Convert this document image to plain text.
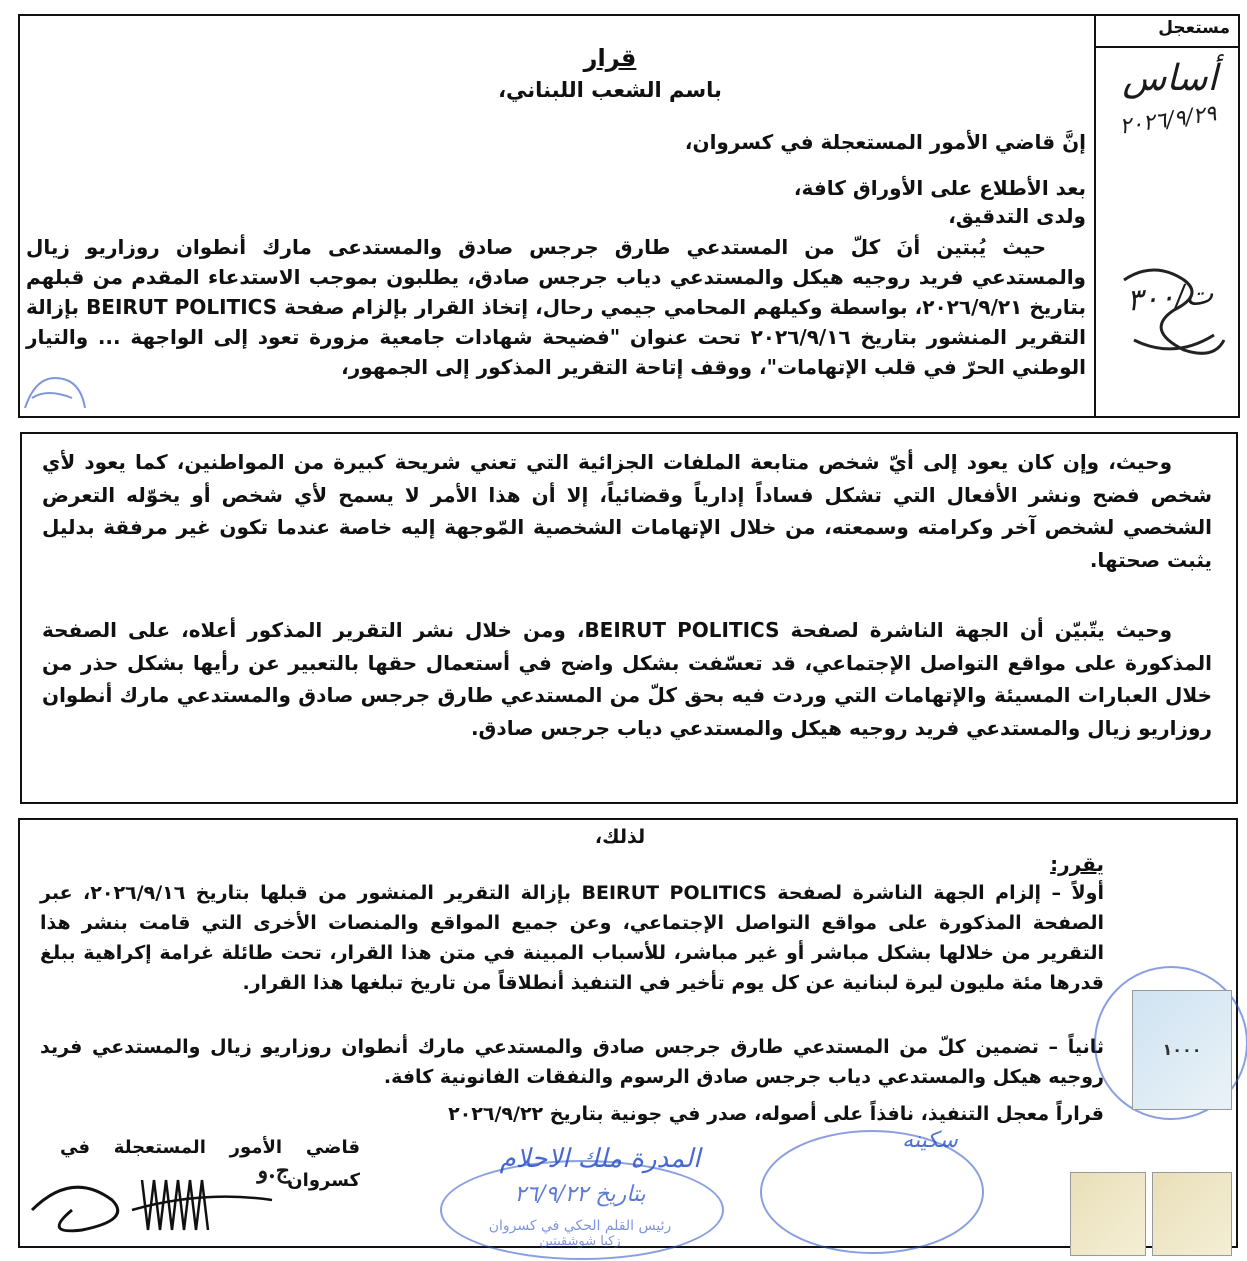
مستعجل
قرار
باسم الشعب اللبناني،
إنَّ قاضي الأمور المستعجلة في كسروان،
بعد الأطلاع على الأوراق كافة،
ولدى التدقيق،
حيث يُبتين أنَ كلّ من المستدعي طارق جرجس صادق والمستدعى مارك أنطوان روزاريو زيال والمستدعي فريد روجيه هيكل والمستدعي دياب جرجس صادق، يطلبون بموجب الاستدعاء المقدم من قبلهم بتاريخ ٢٠٢٦/٩/٢١، بواسطة وكيلهم المحامي جيمي رحال، إتخاذ القرار بإلزام صفحة BEIRUT POLITICS بإزالة التقرير المنشور بتاريخ ٢٠٢٦/٩/١٦ تحت عنوان "فضيحة شهادات جامعية مزورة تعود إلى الواجهة ... والتيار الوطني الحرّ في قلب الإتهامات"، ووقف إتاحة التقرير المذكور إلى الجمهور،
أساس
٢٠٢٦/٩/٢٩
ت/٣٠٠
وحيث، وإن كان يعود إلى أيّ شخص متابعة الملفات الجزائية التي تعني شريحة كبيرة من المواطنين، كما يعود لأي شخص فضح ونشر الأفعال التي تشكل فساداً إدارياً وقضائياً، إلا أن هذا الأمر لا يسمح لأي شخص أو يخوّله التعرض الشخصي لشخص آخر وكرامته وسمعته، من خلال الإتهامات الشخصية المّوجهة إليه خاصة عندما تكون غير مرفقة بدليل يثبت صحتها.
وحيث يتّبيّن أن الجهة الناشرة لصفحة BEIRUT POLITICS، ومن خلال نشر التقرير المذكور أعلاه، على الصفحة المذكورة على مواقع التواصل الإجتماعي، قد تعسّفت بشكل واضح في أستعمال حقها بالتعبير عن رأيها بشكل حذر من خلال العبارات المسيئة والإتهامات التي وردت فيه بحق كلّ من المستدعي طارق جرجس صادق والمستدعي مارك أنطوان روزاريو زيال والمستدعي فريد روجيه هيكل والمستدعي دياب جرجس صادق.
لذلك،
يقرر:
أولاً – إلزام الجهة الناشرة لصفحة BEIRUT POLITICS بإزالة التقرير المنشور من قبلها بتاريخ ٢٠٢٦/٩/١٦، عبر الصفحة المذكورة على مواقع التواصل الإجتماعي، وعن جميع المواقع والمنصات الأخرى التي قامت بنشر هذا التقرير من خلالها بشكل مباشر أو غير مباشر، للأسباب المبينة في متن هذا القرار، تحت طائلة غرامة إكراهية ببلغ قدرها مئة مليون ليرة لبنانية عن كل يوم تأخير في التنفيذ أنطلاقاً من تاريخ تبلغها هذا القرار.
ثانياً – تضمين كلّ من المستدعي طارق جرجس صادق والمستدعي مارك أنطوان روزاريو زيال والمستدعي فريد روجيه هيكل والمستدعي دياب جرجس صادق الرسوم والنفقات الفانونية كافة.
قراراً معجل التنفيذ، نافذاً على أصوله، صدر في جونية بتاريخ ٢٠٢٦/٩/٢٢
قاضي الأمور المستعجلة في كسروان
ج.و
سكينه
المدرة ملك الاحلام
بتاريخ ٢٦/٩/٢٢
رئيس القلم الحكي في كسروان
زكيا شوشقيتين
١٠٠٠
